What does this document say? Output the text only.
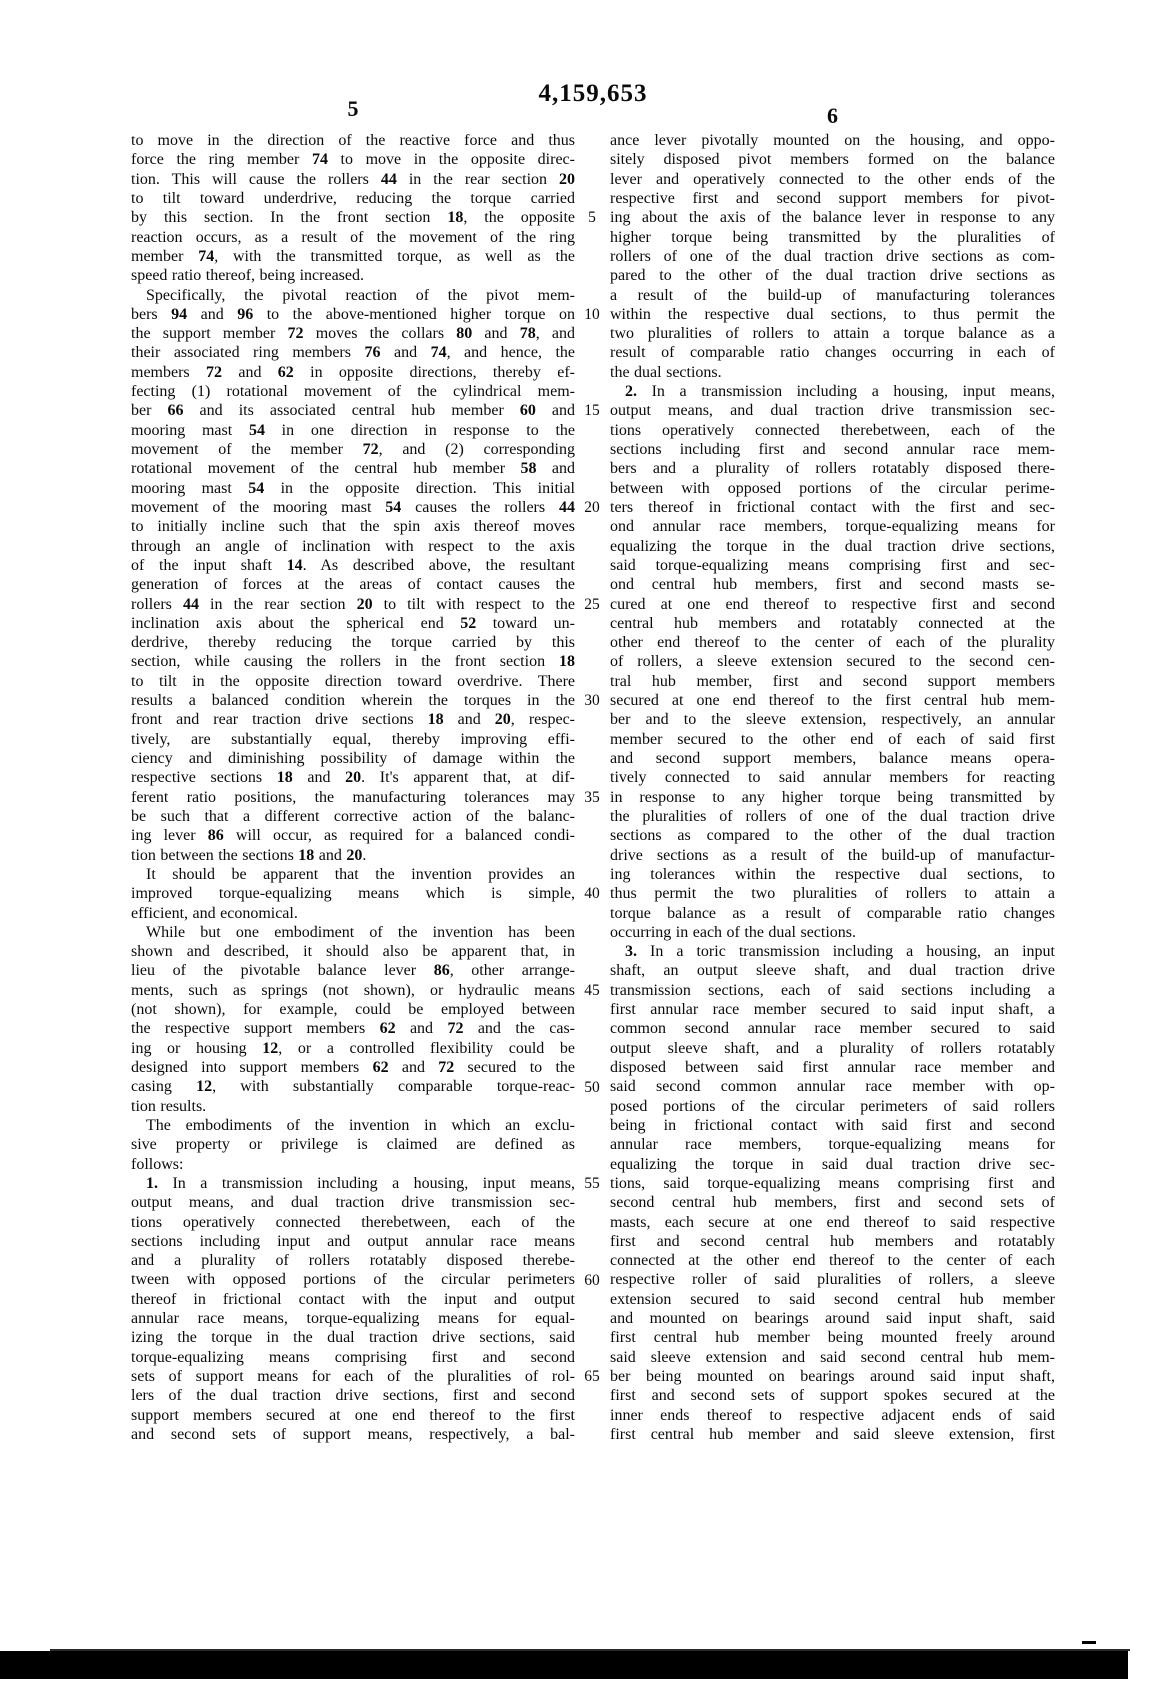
4,159,653
5	6
to move in the direction of the reactive force and thus
force the ring member 74 to move in the opposite direc-
tion. This will cause the rollers 44 in the rear section 20
to tilt toward underdrive, reducing the torque carried
by this section. In the front section 18, the opposite
reaction occurs, as a result of the movement of the ring
member 74, with the transmitted torque, as well as the
speed ratio thereof, being increased.
Specifically, the pivotal reaction of the pivot mem-
bers 94 and 96 to the above-mentioned higher torque on
the support member 72 moves the collars 80 and 78, and
their associated ring members 76 and 74, and hence, the
members 72 and 62 in opposite directions, thereby ef-
fecting (1) rotational movement of the cylindrical mem-
ber 66 and its associated central hub member 60 and
mooring mast 54 in one direction in response to the
movement of the member 72, and (2) corresponding
rotational movement of the central hub member 58 and
mooring mast 54 in the opposite direction. This initial
movement of the mooring mast 54 causes the rollers 44
to initially incline such that the spin axis thereof moves
through an angle of inclination with respect to the axis
of the input shaft 14. As described above, the resultant
generation of forces at the areas of contact causes the
rollers 44 in the rear section 20 to tilt with respect to the
inclination axis about the spherical end 52 toward un-
derdrive, thereby reducing the torque carried by this
section, while causing the rollers in the front section 18
to tilt in the opposite direction toward overdrive. There
results a balanced condition wherein the torques in the
front and rear traction drive sections 18 and 20, respec-
tively, are substantially equal, thereby improving effi-
ciency and diminishing possibility of damage within the
respective sections 18 and 20. It's apparent that, at dif-
ferent ratio positions, the manufacturing tolerances may
be such that a different corrective action of the balanc-
ing lever 86 will occur, as required for a balanced condi-
tion between the sections 18 and 20.
It should be apparent that the invention provides an
improved torque-equalizing means which is simple,
efficient, and economical.
While but one embodiment of the invention has been
shown and described, it should also be apparent that, in
lieu of the pivotable balance lever 86, other arrange-
ments, such as springs (not shown), or hydraulic means
(not shown), for example, could be employed between
the respective support members 62 and 72 and the cas-
ing or housing 12, or a controlled flexibility could be
designed into support members 62 and 72 secured to the
casing 12, with substantially comparable torque-reac-
tion results.
The embodiments of the invention in which an exclu-
sive property or privilege is claimed are defined as
follows:
1. In a transmission including a housing, input means,
output means, and dual traction drive transmission sec-
tions operatively connected therebetween, each of the
sections including input and output annular race means
and a plurality of rollers rotatably disposed therebe-
tween with opposed portions of the circular perimeters
thereof in frictional contact with the input and output
annular race means, torque-equalizing means for equal-
izing the torque in the dual traction drive sections, said
torque-equalizing means comprising first and second
sets of support means for each of the pluralities of rol-
lers of the dual traction drive sections, first and second
support members secured at one end thereof to the first
and second sets of support means, respectively, a bal-
5
10
15
20
25
30
35
40
45
50
55
60
65
ance lever pivotally mounted on the housing, and oppo-
sitely disposed pivot members formed on the balance
lever and operatively connected to the other ends of the
respective first and second support members for pivot-
ing about the axis of the balance lever in response to any
higher torque being transmitted by the pluralities of
rollers of one of the dual traction drive sections as com-
pared to the other of the dual traction drive sections as
a result of the build-up of manufacturing tolerances
within the respective dual sections, to thus permit the
two pluralities of rollers to attain a torque balance as a
result of comparable ratio changes occurring in each of
the dual sections.
2. In a transmission including a housing, input means,
output means, and dual traction drive transmission sec-
tions operatively connected therebetween, each of the
sections including first and second annular race mem-
bers and a plurality of rollers rotatably disposed there-
between with opposed portions of the circular perime-
ters thereof in frictional contact with the first and sec-
ond annular race members, torque-equalizing means for
equalizing the torque in the dual traction drive sections,
said torque-equalizing means comprising first and sec-
ond central hub members, first and second masts se-
cured at one end thereof to respective first and second
central hub members and rotatably connected at the
other end thereof to the center of each of the plurality
of rollers, a sleeve extension secured to the second cen-
tral hub member, first and second support members
secured at one end thereof to the first central hub mem-
ber and to the sleeve extension, respectively, an annular
member secured to the other end of each of said first
and second support members, balance means opera-
tively connected to said annular members for reacting
in response to any higher torque being transmitted by
the pluralities of rollers of one of the dual traction drive
sections as compared to the other of the dual traction
drive sections as a result of the build-up of manufactur-
ing tolerances within the respective dual sections, to
thus permit the two pluralities of rollers to attain a
torque balance as a result of comparable ratio changes
occurring in each of the dual sections.
3. In a toric transmission including a housing, an input
shaft, an output sleeve shaft, and dual traction drive
transmission sections, each of said sections including a
first annular race member secured to said input shaft, a
common second annular race member secured to said
output sleeve shaft, and a plurality of rollers rotatably
disposed between said first annular race member and
said second common annular race member with op-
posed portions of the circular perimeters of said rollers
being in frictional contact with said first and second
annular race members, torque-equalizing means for
equalizing the torque in said dual traction drive sec-
tions, said torque-equalizing means comprising first and
second central hub members, first and second sets of
masts, each secure at one end thereof to said respective
first and second central hub members and rotatably
connected at the other end thereof to the center of each
respective roller of said pluralities of rollers, a sleeve
extension secured to said second central hub member
and mounted on bearings around said input shaft, said
first central hub member being mounted freely around
said sleeve extension and said second central hub mem-
ber being mounted on bearings around said input shaft,
first and second sets of support spokes secured at the
inner ends thereof to respective adjacent ends of said
first central hub member and said sleeve extension, first
